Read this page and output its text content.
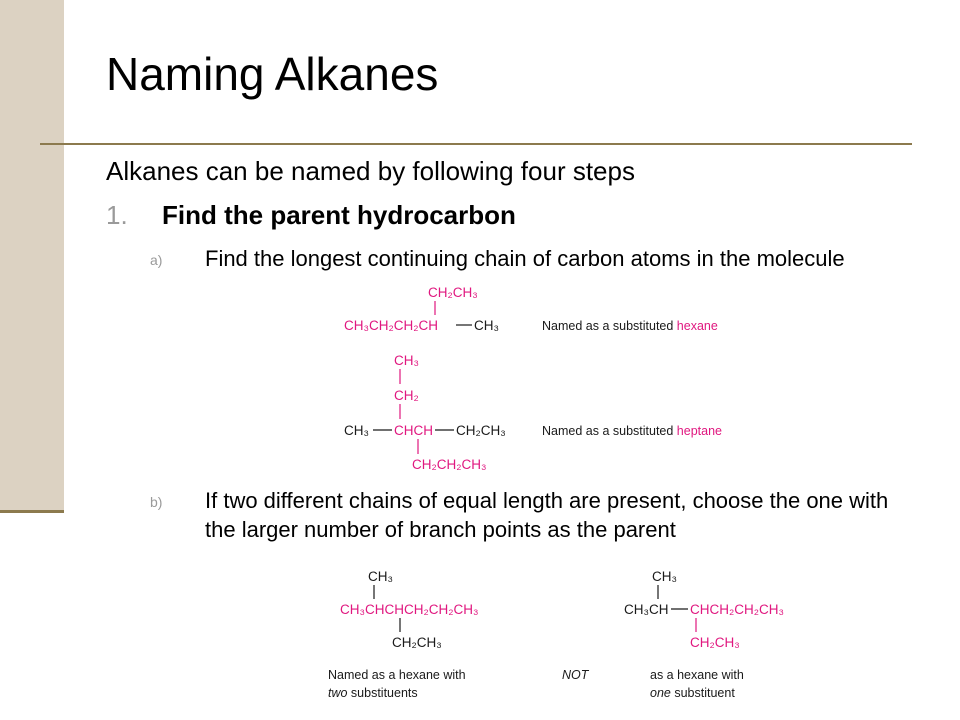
Naming Alkanes
Alkanes can be named by following four steps
1. Find the parent hydrocarbon
a) Find the longest continuing chain of carbon atoms in the molecule
b) If two different chains of equal length are present, choose the one with the larger number of branch points as the parent
CH₂CH₃
CH₃CH₂CH₂CH	CH₃	Named as a substituted hexane
CH₃
CH₂
CH₃ CHCH CH₂CH₃
CH₂CH₂CH₃
Named as a substituted heptane
CH₃
CH₃CHCHCH₂CH₂CH₃
CH₂CH₃
Named as a hexane with
two substituents
NOT
CH₃
CH₃CH CHCH₂CH₂CH₃
CH₂CH₃
as a hexane with
one substituent
